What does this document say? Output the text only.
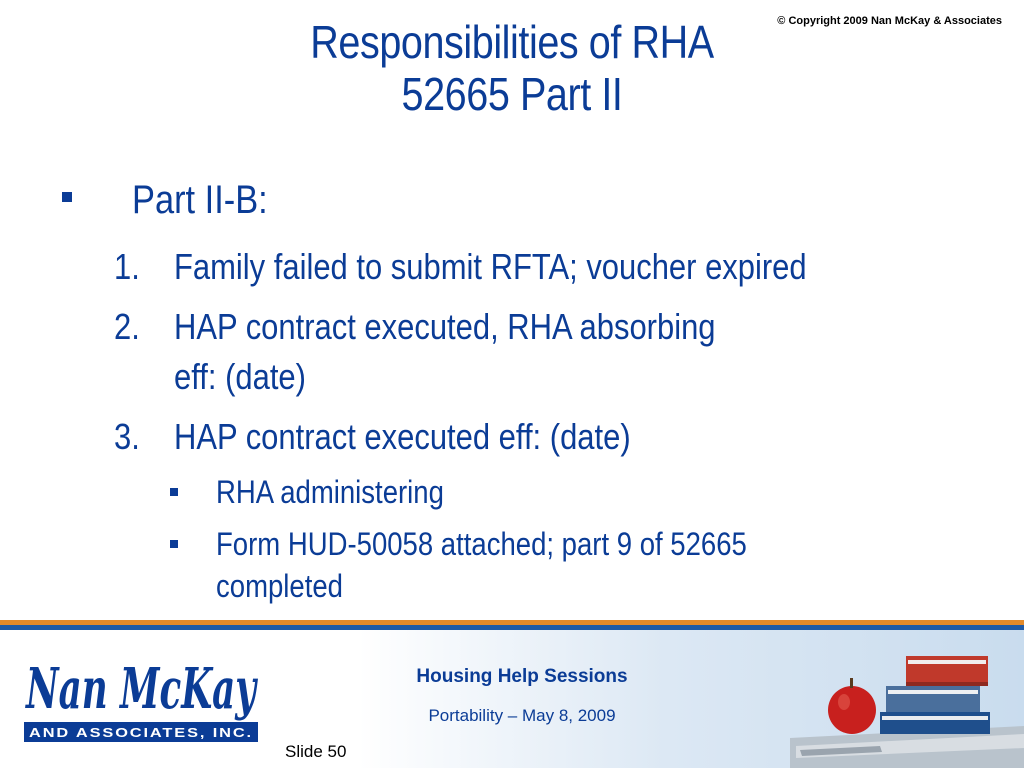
© Copyright 2009 Nan McKay & Associates
Responsibilities of RHA
52665 Part II
Part II-B:
1. Family failed to submit RFTA; voucher expired
2. HAP contract executed, RHA absorbing
eff: (date)
3. HAP contract executed eff: (date)
RHA administering
Form HUD-50058 attached; part 9 of 52665
completed
Nan McKay
AND ASSOCIATES, INC.
Housing Help Sessions
Portability – May 8, 2009
Slide 50
